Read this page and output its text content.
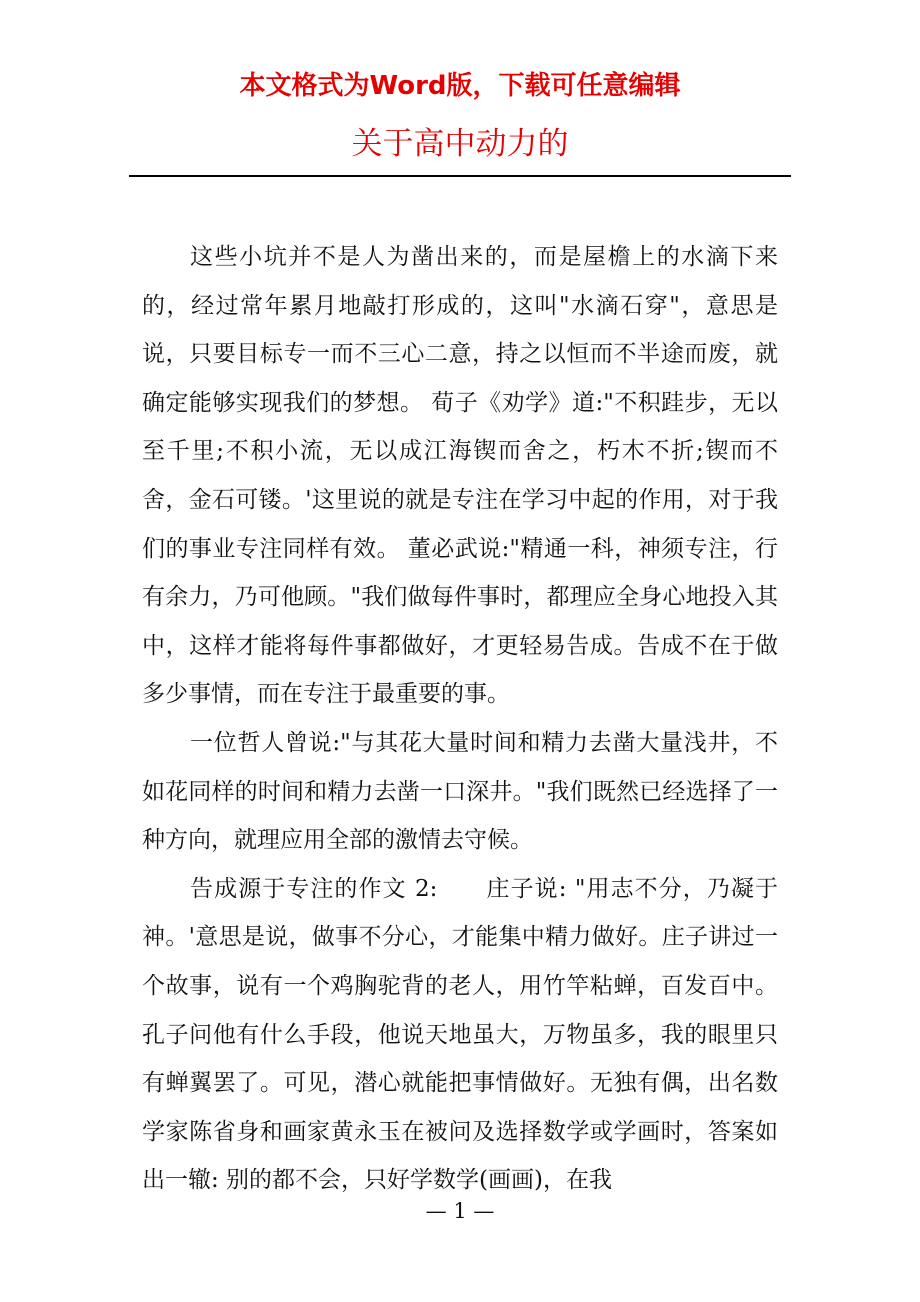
本文格式为Word版，下载可任意编辑
关于高中动力的

这些小坑并不是人为凿出来的，而是屋檐上的水滴下来的，经过常年累月地敲打形成的，这叫"水滴石穿"，意思是说，只要目标专一而不三心二意，持之以恒而不半途而废，就确定能够实现我们的梦想。 荀子《劝学》道:"不积跬步，无以至千里;不积小流，无以成江海锲而舍之，朽木不折;锲而不舍，金石可镂。'这里说的就是专注在学习中起的作用，对于我们的事业专注同样有效。 董必武说:"精通一科，神须专注，行有余力，乃可他顾。"我们做每件事时，都理应全身心地投入其中，这样才能将每件事都做好，才更轻易告成。告成不在于做多少事情，而在专注于最重要的事。

一位哲人曾说:"与其花大量时间和精力去凿大量浅井，不如花同样的时间和精力去凿一口深井。"我们既然已经选择了一种方向，就理应用全部的激情去守候。

告成源于专注的作文 2:　　庄子说: "用志不分，乃凝于神。'意思是说，做事不分心，才能集中精力做好。庄子讲过一个故事，说有一个鸡胸驼背的老人，用竹竿粘蝉，百发百中。孔子问他有什么手段，他说天地虽大，万物虽多，我的眼里只有蝉翼罢了。可见，潜心就能把事情做好。无独有偶，出名数学家陈省身和画家黄永玉在被问及选择数学或学画时，答案如出一辙: 别的都不会，只好学数学(画画)，在我

— 1 —
